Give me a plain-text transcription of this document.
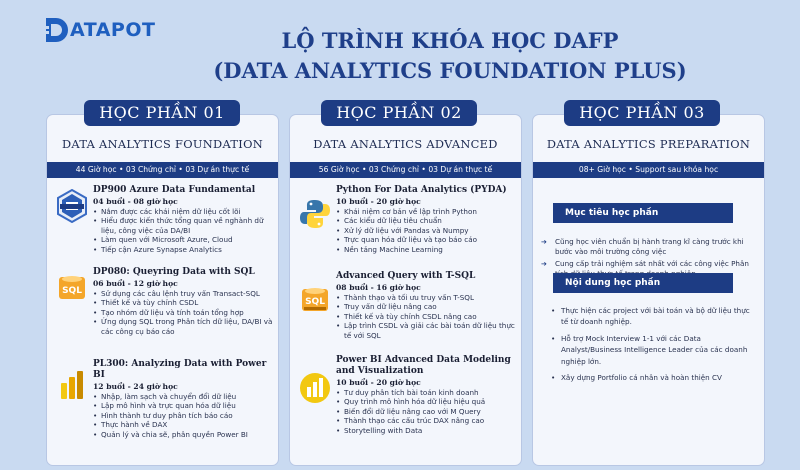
ATAPOT	LỘ TRÌNH KHÓA HỌC DAFP
(DATA ANALYTICS FOUNDATION PLUS)
DATA ANALYTICS FOUNDATION
44 Giờ học • 03 Chứng chỉ • 03 Dự án thực tế
DP900 Azure Data Fundamental
04 buổi - 08 giờ học
• Nắm được các khái niệm dữ liệu cốt lõi
• Hiểu được kiến thức tổng quan về nghành dữ liệu, công việc của DA/BI
• Làm quen với Microsoft Azure, Cloud
• Tiếp cận Azure Synapse Analytics
SQL
DP080: Queyring Data with SQL
06 buổi - 12 giờ học
• Sử dụng các câu lệnh truy vấn Transact-SQL
• Thiết kế và tùy chỉnh CSDL
• Tạo nhóm dữ liệu và tính toán tổng hợp
• Ứng dụng SQL trong Phân tích dữ liệu, DA/BI và các công cụ báo cáo
PL300: Analyzing Data with Power BI
12 buổi - 24 giờ học
• Nhập, làm sạch và chuyển đổi dữ liệu
• Lập mô hình và trực quan hóa dữ liệu
• Hình thành tư duy phân tích báo cáo
• Thực hành về DAX
• Quản lý và chia sẽ, phân quyền Power BI
HỌC PHẦN 01
DATA ANALYTICS ADVANCED
56 Giờ học • 03 Chứng chỉ • 03 Dự án thực tế
Python For Data Analytics (PYDA)
10 buổi - 20 giờ học
• Khái niệm cơ bản về lập trình Python
• Các kiểu dữ liệu tiêu chuẩn
• Xử lý dữ liệu với Pandas và Numpy
• Trực quan hóa dữ liệu và tạo báo cáo
• Nền tảng Machine Learning
SQL
Advanced Query with T-SQL
08 buổi - 16 giờ học
• Thành thạo và tối ưu truy vấn T-SQL
• Truy vấn dữ liệu nâng cao
• Thiết kế và tùy chỉnh CSDL nâng cao
• Lập trình CSDL và giải các bài toán dữ liệu thực tế với SQL
Power BI Advanced Data Modeling and Visualization
10 buổi - 20 giờ học
• Tư duy phân tích bài toán kinh doanh
• Quy trình mô hình hóa dữ liệu hiệu quả
• Biến đổi dữ liệu nâng cao với M Query
• Thành thạo các cấu trúc DAX nâng cao
• Storytelling with Data
HỌC PHẦN 02
DATA ANALYTICS PREPARATION
08+ Giờ học • Support sau khóa học
Mục tiêu học phần
➔ Cũng học viên chuẩn bị hành trang kĩ càng trước khi bước vào môi trường công việc
➔ Cung cấp trải nghiệm sát nhất với các công việc Phân
Nội dung học phần
• Thực hiện các project với bài toán và bộ dữ liệu thực tế từ doanh nghiệp.
• Hỗ trợ Mock Interview 1-1 với các Data Analyst/Business Intelligence Leader của các doanh nghiệp lớn.
• Xây dựng Portfolio cá nhân và hoàn thiện CV
HỌC PHẦN 03
